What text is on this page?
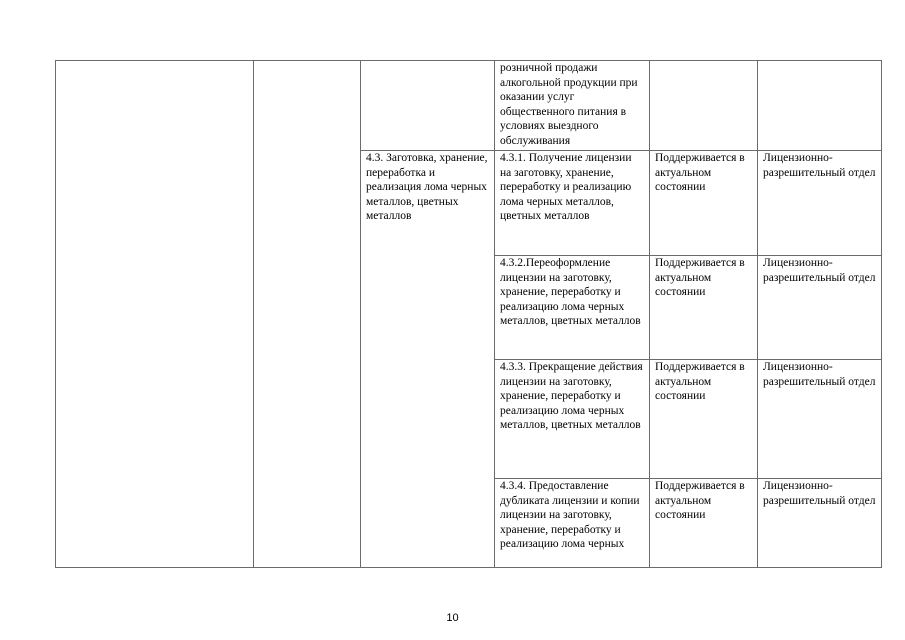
			розничной продажи алкогольной продукции при оказании услуг общественного питания в условиях выездного обслуживания		

		4.3. Заготовка, хранение, переработка и реализация лома черных металлов, цветных металлов	4.3.1. Получение лицензии на заготовку, хранение, переработку и реализацию лома черных металлов, цветных металлов	Поддерживается в актуальном состоянии	Лицензионно-разрешительный отдел

			4.3.2.Переоформление лицензии на заготовку, хранение, переработку и реализацию лома черных металлов, цветных металлов	Поддерживается в актуальном состоянии	Лицензионно-разрешительный отдел

			4.3.3. Прекращение действия лицензии на заготовку, хранение, переработку и реализацию лома черных металлов, цветных металлов	Поддерживается в актуальном состоянии	Лицензионно-разрешительный отдел

			4.3.4. Предоставление дубликата лицензии и копии лицензии на заготовку, хранение, переработку и реализацию лома черных	Поддерживается в актуальном состоянии	Лицензионно-разрешительный отдел
10
